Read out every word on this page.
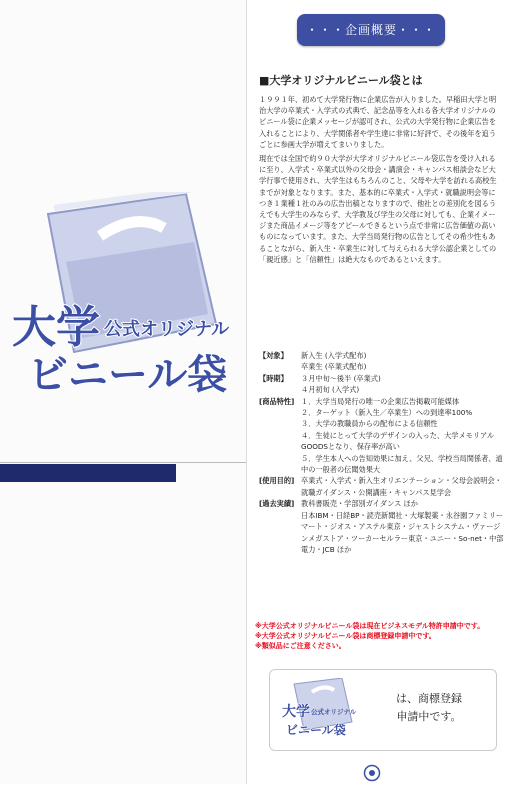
大学 公式オリジナル
ビニール袋
・・・企画概要・・・
■大学オリジナルビニール袋とは

１９９１年、初めて大学発行物に企業広告が入りました。早稲田大学と明治大学の卒業式・入学式の式典で、記念品等を入れる各大学オリジナルのビニール袋に企業メッセージが認可され、公式の大学発行物に企業広告を入れることにより、大学関係者や学生達に非常に好評で、その後年を追うごとに参画大学が増えてまいりました。

現在では全国で約９０大学が大学オリジナルビニール袋広告を受け入れるに至り、入学式・卒業式以外の父母会・講演会・キャンパス相談会など大学行事で使用され、大学生はもちろんのこと、父母や大学を訪れる高校生までが対象となります。また、基本的に卒業式・入学式・就職説明会等につき１業種１社のみの広告出稿となりますので、他社との差別化を図るうえでも大学生のみならず、大学教及び学生の父母に対しても、企業イメージまた商品イメージ等をアピールできるという点で非常に広告価値の高いものになっています。また、大学当局発行物の広告としてその希少性もあることながら、新入生・卒業生に対して与えられる大学公認企業としての「親近感」と「信頼性」は絶大なものであるといえます。

【対象】	新入生 (入学式配布)
卒業生 (卒業式配布)
【時期】	３月中旬〜後半 (卒業式)
４月初旬 (入学式)
[商品特性] １．大学当局発行の唯一の企業広告掲載可能媒体
２．ターゲット（新入生／卒業生）への到達率100%
３．大学の教職員からの配布による信頼性
４．生徒にとって大学のデザインの入った、大学メモリアルGOODSとなり、保存率が高い
５．学生本人への告知効果に加え、父兄、学校当局関係者、道中の一般者の伝聞効果大
[使用目的] 卒業式・入学式・新入生オリエンテーション・父母会説明会・就職ガイダンス・公開講座・キャンパス見学会
[過去実績] 教科書販売・学部別ガイダンス ほか
日本IBM・日経BP・読売新聞社・大塚製薬・永谷園ファミリーマート・ジオス・アステル東京・ジャストシステム・ヴァージンメガストア・ツーカーセルラー東京・ユニー・So-net・中部電力・JCB ほか
※大学公式オリジナルビニール袋は現在ビジネスモデル特許申請中です。
※大学公式オリジナルビニール袋は商標登録申請中です。
※類似品にご注意ください。
大学 公式オリジナル
ビニール袋
は、商標登録
申請中です。
